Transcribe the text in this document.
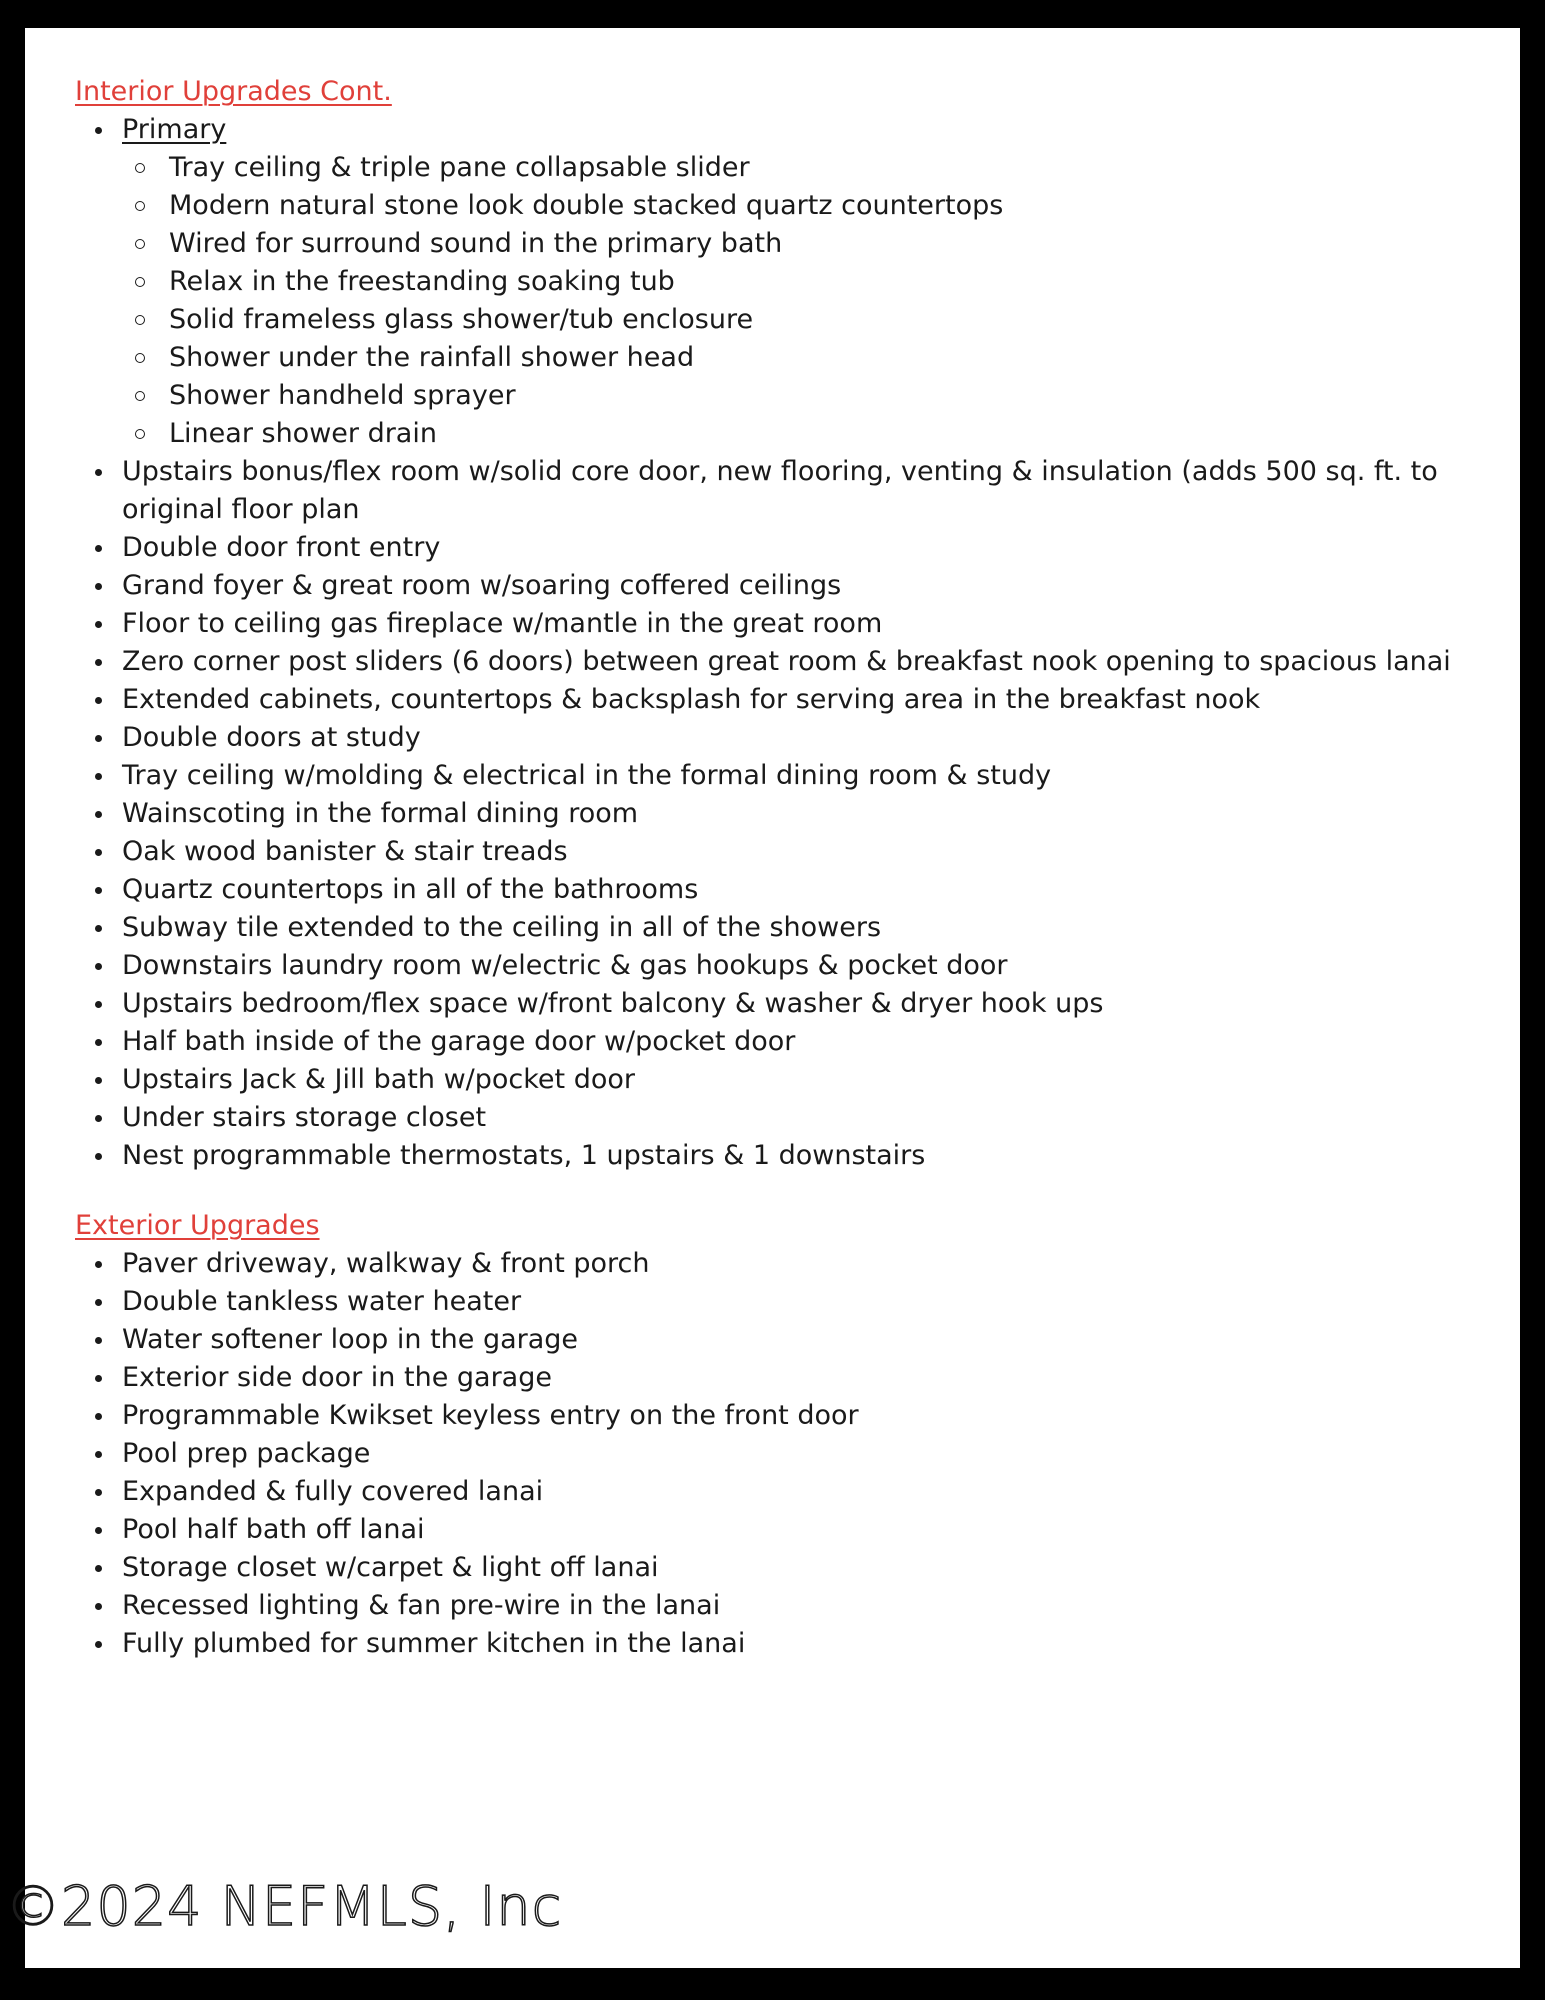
Interior Upgrades Cont.
Primary
Tray ceiling & triple pane collapsable slider
Modern natural stone look double stacked quartz countertops
Wired for surround sound in the primary bath
Relax in the freestanding soaking tub
Solid frameless glass shower/tub enclosure
Shower under the rainfall shower head
Shower handheld sprayer
Linear shower drain
Upstairs bonus/flex room w/solid core door, new flooring, venting & insulation (adds 500 sq. ft. to original floor plan
Double door front entry
Grand foyer & great room w/soaring coffered ceilings
Floor to ceiling gas fireplace w/mantle in the great room
Zero corner post sliders (6 doors) between great room & breakfast nook opening to spacious lanai
Extended cabinets, countertops & backsplash for serving area in the breakfast nook
Double doors at study
Tray ceiling w/molding & electrical in the formal dining room & study
Wainscoting in the formal dining room
Oak wood banister & stair treads
Quartz countertops in all of the bathrooms
Subway tile extended to the ceiling in all of the showers
Downstairs laundry room w/electric & gas hookups & pocket door
Upstairs bedroom/flex space w/front balcony & washer & dryer hook ups
Half bath inside of the garage door w/pocket door
Upstairs Jack & Jill bath w/pocket door
Under stairs storage closet
Nest programmable thermostats, 1 upstairs & 1 downstairs
Exterior Upgrades
Paver driveway, walkway & front porch
Double tankless water heater
Water softener loop in the garage
Exterior side door in the garage
Programmable Kwikset keyless entry on the front door
Pool prep package
Expanded & fully covered lanai
Pool half bath off lanai
Storage closet w/carpet & light off lanai
Recessed lighting & fan pre-wire in the lanai
Fully plumbed for summer kitchen in the lanai
©2024 NEFMLS, Inc
